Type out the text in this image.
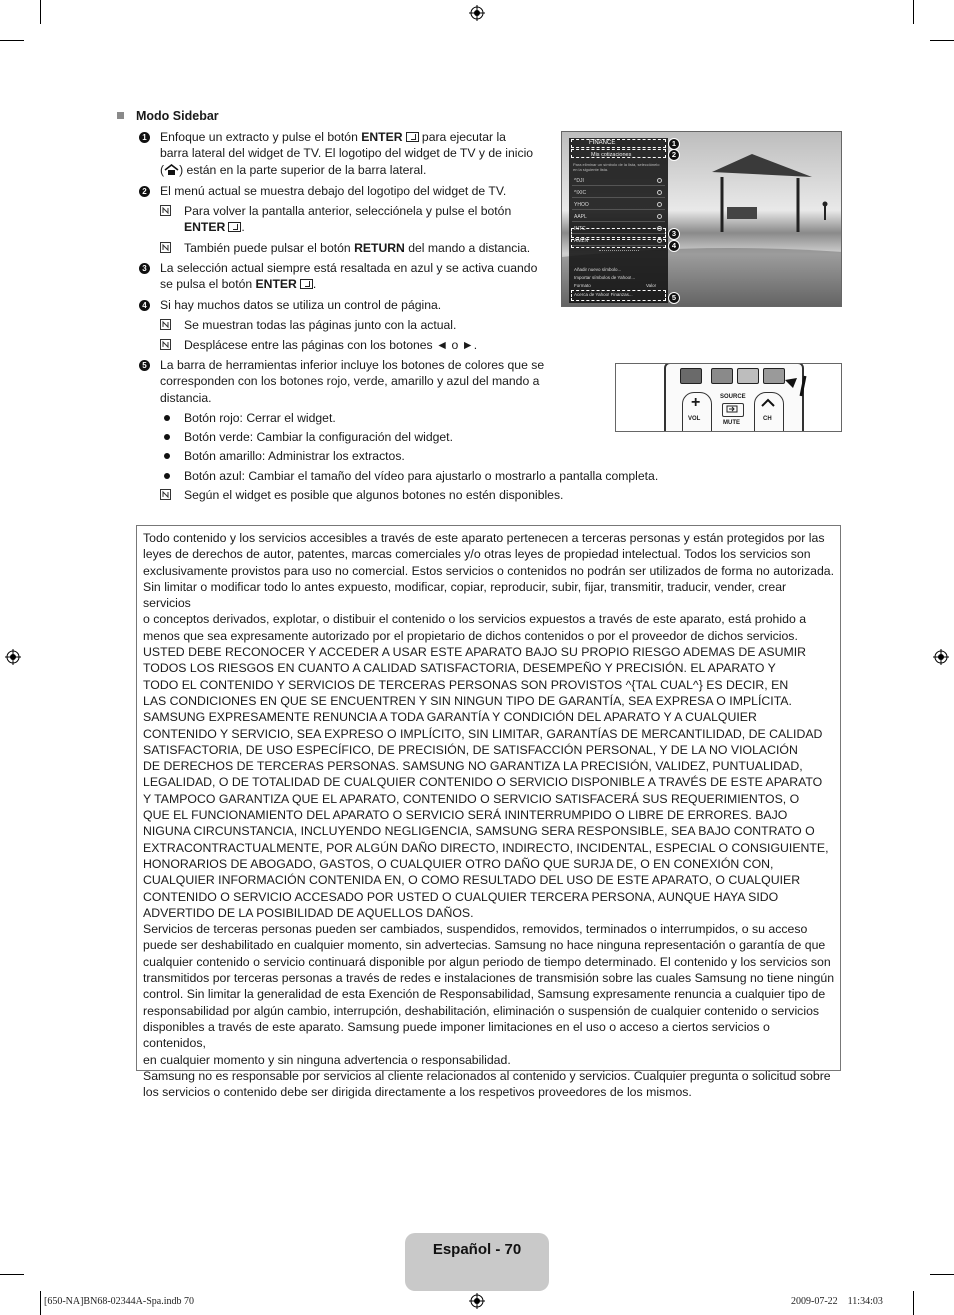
Modo Sidebar
1 Enfoque un extracto y pulse el botón ENTER para ejecutar la
barra lateral del widget de TV. El logotipo del widget de TV y de inicio
( ) están en la parte superior de la barra lateral.
2 El menú actual se muestra debajo del logotipo del widget de TV.
Para volver la pantalla anterior, selecciónela y pulse el botón
ENTER .
También puede pulsar el botón RETURN del mando a distancia.
3 La selección actual siempre está resaltada en azul y se activa cuando
se pulsa el botón ENTER .
4 Si hay muchos datos se utiliza un control de página.
Se muestran todas las páginas junto con la actual.
Desplácese entre las páginas con los botones ◄ o ►.
5 La barra de herramientas inferior incluye los botones de colores que se
corresponden con los botones rojo, verde, amarillo y azul del mando a
distancia.
Botón rojo: Cerrar el widget.
Botón verde: Cambiar la configuración del widget.
Botón amarillo: Administrar los extractos.
Botón azul: Cambiar el tamaño del vídeo para ajustarlo o mostrarlo a pantalla completa.
Según el widget es posible que algunos botones no estén disponibles.
FINANCE
Mis cotizaciones
Para eliminar un símbolo de la lista, selecciónelo en la siguiente lista.
^DJI
^IXIC
YHOO
AAPL
INTC
AMZN
Añadir nuevo símbolo...
Importar símbolos de Yahoo!...
Formato	Valor
Acerca de Yahoo! Finanzas...
1
2
3
4
5
+
VOL
SOURCE
MUTE
CH

Todo contenido y los servicios accesibles a través de este aparato pertenecen a terceras personas y están protegidos por las
leyes de derechos de autor, patentes, marcas comerciales y/o otras leyes de propiedad intelectual. Todos los servicios son
exclusivamente provistos para uso no comercial. Estos servicios o contenidos no podrán ser utilizados de forma no autorizada.
Sin limitar o modificar todo lo antes expuesto, modificar, copiar, reproducir, subir, fijar, transmitir, traducir, vender, crear servicios
o conceptos derivados, explotar, o distibuir el contenido o los servicios expuestos a través de este aparato, está prohido a
menos que sea expresamente autorizado por el propietario de dichos contenidos o por el proveedor de dichos servicios.
USTED DEBE RECONOCER Y ACCEDER A USAR ESTE APARATO BAJO SU PROPIO RIESGO ADEMAS DE ASUMIR
TODOS LOS RIESGOS EN CUANTO A CALIDAD SATISFACTORIA, DESEMPEÑO Y PRECISIÓN. EL APARATO Y
TODO EL CONTENIDO Y SERVICIOS DE TERCERAS PERSONAS SON PROVISTOS ^{TAL CUAL^} ES DECIR, EN
LAS CONDICIONES EN QUE SE ENCUENTREN Y SIN NINGUN TIPO DE GARANTÍA, SEA EXPRESA O IMPLÍCITA.
SAMSUNG EXPRESAMENTE RENUNCIA A TODA GARANTÍA Y CONDICIÓN DEL APARATO Y A CUALQUIER
CONTENIDO Y SERVICIO, SEA EXPRESO O IMPLÍCITO, SIN LIMITAR, GARANTÍAS DE MERCANTILIDAD, DE CALIDAD
SATISFACTORIA, DE USO ESPECÍFICO, DE PRECISIÓN, DE SATISFACCIÓN PERSONAL, Y DE LA NO VIOLACIÓN
DE DERECHOS DE TERCERAS PERSONAS. SAMSUNG NO GARANTIZA LA PRECISIÓN, VALIDEZ, PUNTUALIDAD,
LEGALIDAD, O DE TOTALIDAD DE CUALQUIER CONTENIDO O SERVICIO DISPONIBLE A TRAVÉS DE ESTE APARATO
Y TAMPOCO GARANTIZA QUE EL APARATO, CONTENIDO O SERVICIO SATISFACERÁ SUS REQUERIMIENTOS, O
QUE EL FUNCIONAMIENTO DEL APARATO O SERVICIO SERÁ ININTERRUMPIDO O LIBRE DE ERRORES. BAJO
NIGUNA CIRCUNSTANCIA, INCLUYENDO NEGLIGENCIA, SAMSUNG SERA RESPONSIBLE, SEA BAJO CONTRATO O
EXTRACONTRACTUALMENTE, POR ALGÚN DAÑO DIRECTO, INDIRECTO, INCIDENTAL, ESPECIAL O CONSIGUIENTE,
HONORARIOS DE ABOGADO, GASTOS, O CUALQUIER OTRO DAÑO QUE SURJA DE, O EN CONEXIÓN CON,
CUALQUIER INFORMACIÓN CONTENIDA EN, O COMO RESULTADO DEL USO DE ESTE APARATO, O CUALQUIER
CONTENIDO O SERVICIO ACCESADO POR USTED O CUALQUIER TERCERA PERSONA, AUNQUE HAYA SIDO
ADVERTIDO DE LA POSIBILIDAD DE AQUELLOS DAÑOS.

Servicios de terceras personas pueden ser cambiados, suspendidos, removidos, terminados o interrumpidos, o su acceso
puede ser deshabilitado en cualquier momento, sin advertecias. Samsung no hace ninguna representación o garantía de que
cualquier contenido o servicio continuará disponible por algun periodo de tiempo determinado. El contenido y los servicios son
transmitidos por terceras personas a través de redes e instalaciones de transmisión sobre las cuales Samsung no tiene ningún
control. Sin limitar la generalidad de esta Exención de Responsabilidad, Samsung expresamente renuncia a cualquier tipo de
responsabilidad por algún cambio, interrupción, deshabilitación, eliminación o suspensión de cualquier contenido o servicios
disponibles a través de este aparato. Samsung puede imponer limitaciones en el uso o acceso a ciertos servicios o contenidos,
en cualquier momento y sin ninguna advertencia o responsabilidad.

Samsung no es responsable por servicios al cliente relacionados al contenido y servicios. Cualquier pregunta o solicitud sobre
los servicios o contenido debe ser dirigida directamente a los respetivos proveedores de los mismos.

Español - 70
[650-NA]BN68-02344A-Spa.indb 70	2009-07-22    11:34:03
